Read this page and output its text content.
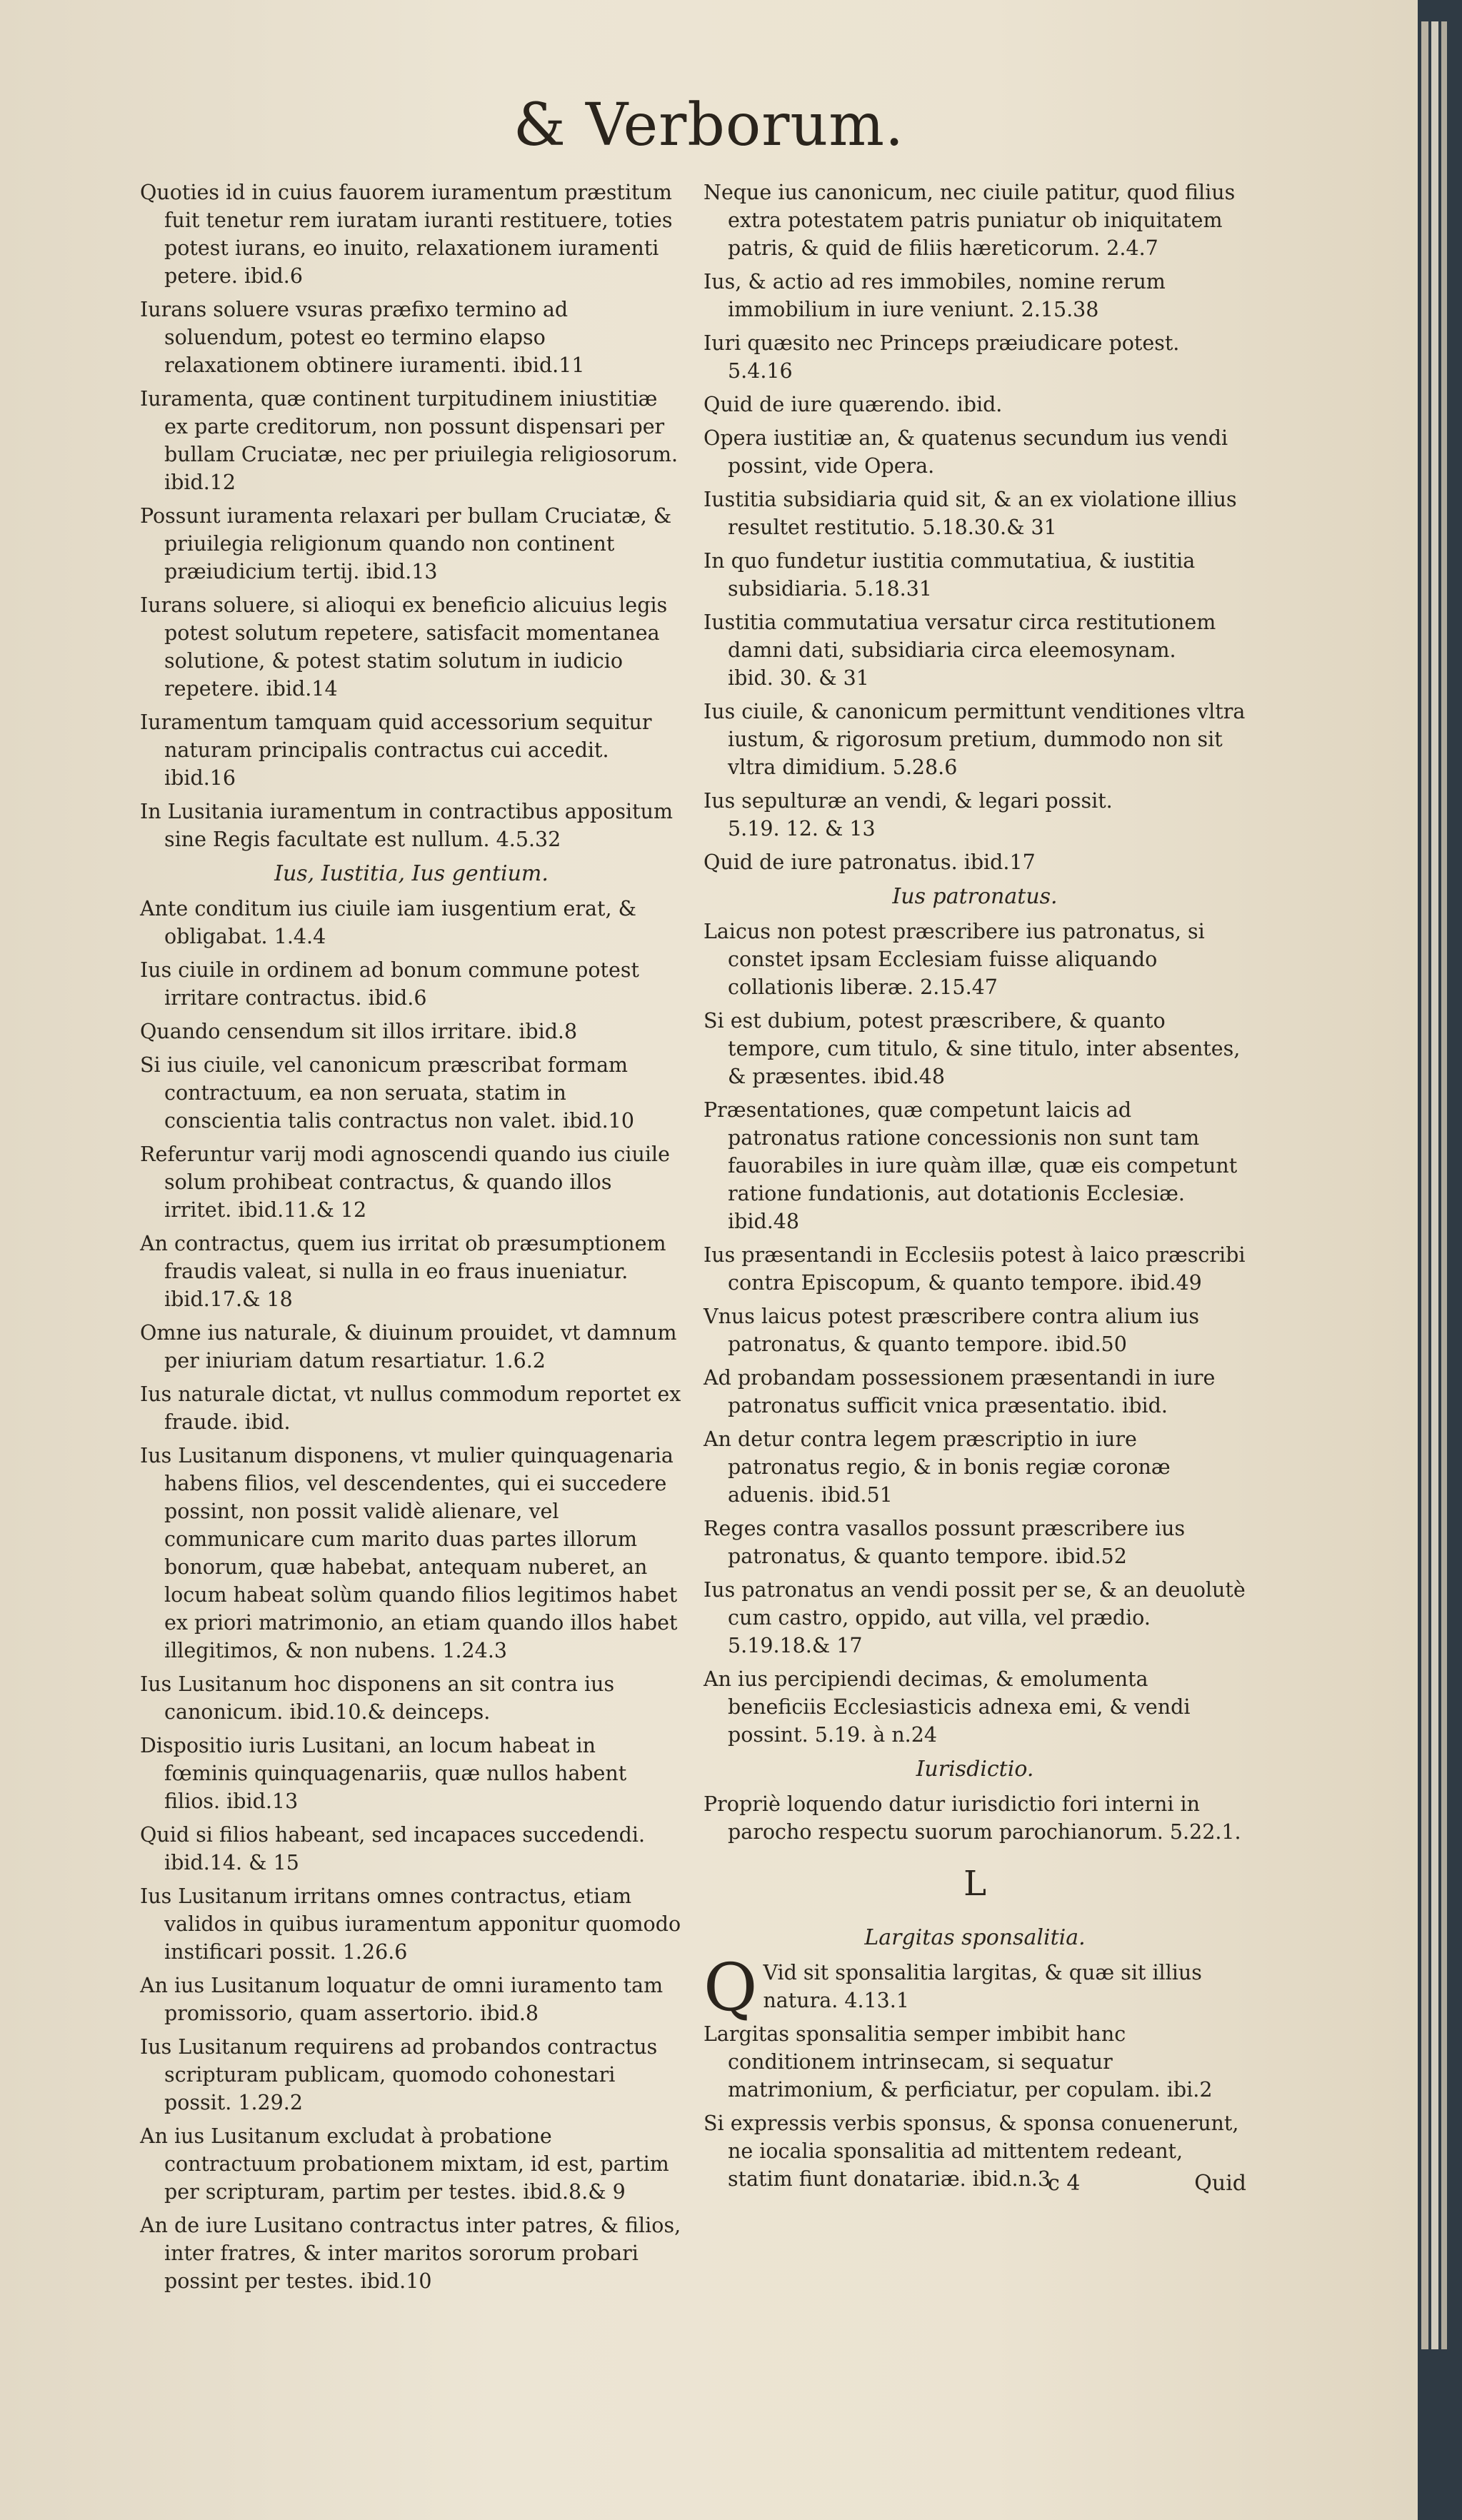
& Verborum.
Quoties id in cuius fauorem iuramentum præstitum fuit tenetur rem iuratam iuranti restituere, toties potest iurans, eo inuito, relaxationem iuramenti petere. ibid.6
Iurans soluere vsuras præfixo termino ad soluendum, potest eo termino elapso relaxationem obtinere iuramenti. ibid.11
Iuramenta, quæ continent turpitudinem iniustitiæ ex parte creditorum, non possunt dispensari per bullam Cruciatæ, nec per priuilegia religiosorum. ibid.12
Possunt iuramenta relaxari per bullam Cruciatæ, & priuilegia religionum quando non continent præiudicium tertij. ibid.13
Iurans soluere, si alioqui ex beneficio alicuius legis potest solutum repetere, satisfacit momentanea solutione, & potest statim solutum in iudicio repetere. ibid.14
Iuramentum tamquam quid accessorium sequitur naturam principalis contractus cui accedit. ibid.16
In Lusitania iuramentum in contractibus appositum sine Regis facultate est nullum. 4.5.32
Ius, Iustitia, Ius gentium.
Ante conditum ius ciuile iam iusgentium erat, & obligabat. 1.4.4
Ius ciuile in ordinem ad bonum commune potest irritare contractus. ibid.6
Quando censendum sit illos irritare. ibid.8
Si ius ciuile, vel canonicum præscribat formam contractuum, ea non seruata, statim in conscientia talis contractus non valet. ibid.10
Referuntur varij modi agnoscendi quando ius ciuile solum prohibeat contractus, & quando illos irritet. ibid.11.& 12
An contractus, quem ius irritat ob præsumptionem fraudis valeat, si nulla in eo fraus inueniatur. ibid.17.& 18
Omne ius naturale, & diuinum prouidet, vt damnum per iniuriam datum resartiatur. 1.6.2
Ius naturale dictat, vt nullus commodum reportet ex fraude. ibid.
Ius Lusitanum disponens, vt mulier quinquagenaria habens filios, vel descendentes, qui ei succedere possint, non possit validè alienare, vel communicare cum marito duas partes illorum bonorum, quæ habebat, antequam nuberet, an locum habeat solùm quando filios legitimos habet ex priori matrimonio, an etiam quando illos habet illegitimos, & non nubens. 1.24.3
Ius Lusitanum hoc disponens an sit contra ius canonicum. ibid.10.& deinceps.
Dispositio iuris Lusitani, an locum habeat in fœminis quinquagenariis, quæ nullos habent filios. ibid.13
Quid si filios habeant, sed incapaces succedendi. ibid.14. & 15
Ius Lusitanum irritans omnes contractus, etiam validos in quibus iuramentum apponitur quomodo instificari possit. 1.26.6
An ius Lusitanum loquatur de omni iuramento tam promissorio, quam assertorio. ibid.8
Ius Lusitanum requirens ad probandos contractus scripturam publicam, quomodo cohonestari possit. 1.29.2
An ius Lusitanum excludat à probatione contractuum probationem mixtam, id est, partim per scripturam, partim per testes. ibid.8.& 9
An de iure Lusitano contractus inter patres, & filios, inter fratres, & inter maritos sororum probari possint per testes. ibid.10
Neque ius canonicum, nec ciuile patitur, quod filius extra potestatem patris puniatur ob iniquitatem patris, & quid de filiis hæreticorum. 2.4.7
Ius, & actio ad res immobiles, nomine rerum immobilium in iure veniunt. 2.15.38
Iuri quæsito nec Princeps præiudicare potest. 5.4.16
Quid de iure quærendo. ibid.
Opera iustitiæ an, & quatenus secundum ius vendi possint, vide Opera.
Iustitia subsidiaria quid sit, & an ex violatione illius resultet restitutio. 5.18.30.& 31
In quo fundetur iustitia commutatiua, & iustitia subsidiaria. 5.18.31
Iustitia commutatiua versatur circa restitutionem damni dati, subsidiaria circa eleemosynam. ibid. 30. & 31
Ius ciuile, & canonicum permittunt venditiones vltra iustum, & rigorosum pretium, dummodo non sit vltra dimidium. 5.28.6
Ius sepulturæ an vendi, & legari possit. 5.19. 12. & 13
Quid de iure patronatus. ibid.17
Ius patronatus.
Laicus non potest præscribere ius patronatus, si constet ipsam Ecclesiam fuisse aliquando collationis liberæ. 2.15.47
Si est dubium, potest præscribere, & quanto tempore, cum titulo, & sine titulo, inter absentes, & præsentes. ibid.48
Præsentationes, quæ competunt laicis ad patronatus ratione concessionis non sunt tam fauorabiles in iure quàm illæ, quæ eis competunt ratione fundationis, aut dotationis Ecclesiæ. ibid.48
Ius præsentandi in Ecclesiis potest à laico præscribi contra Episcopum, & quanto tempore. ibid.49
Vnus laicus potest præscribere contra alium ius patronatus, & quanto tempore. ibid.50
Ad probandam possessionem præsentandi in iure patronatus sufficit vnica præsentatio. ibid.
An detur contra legem præscriptio in iure patronatus regio, & in bonis regiæ coronæ aduenis. ibid.51
Reges contra vasallos possunt præscribere ius patronatus, & quanto tempore. ibid.52
Ius patronatus an vendi possit per se, & an deuolutè cum castro, oppido, aut villa, vel prædio. 5.19.18.& 17
An ius percipiendi decimas, & emolumenta beneficiis Ecclesiasticis adnexa emi, & vendi possint. 5.19. à n.24
Iurisdictio.
Propriè loquendo datur iurisdictio fori interni in parocho respectu suorum parochianorum. 5.22.1.
L
Largitas sponsalitia.
Q Vid sit sponsalitia largitas, & quæ sit illius natura. 4.13.1
Largitas sponsalitia semper imbibit hanc conditionem intrinsecam, si sequatur matrimonium, & perficiatur, per copulam. ibi.2
Si expressis verbis sponsus, & sponsa conuenerunt, ne iocalia sponsalitia ad mittentem redeant, statim fiunt donatariæ. ibid.n.3
c 4	Quid
